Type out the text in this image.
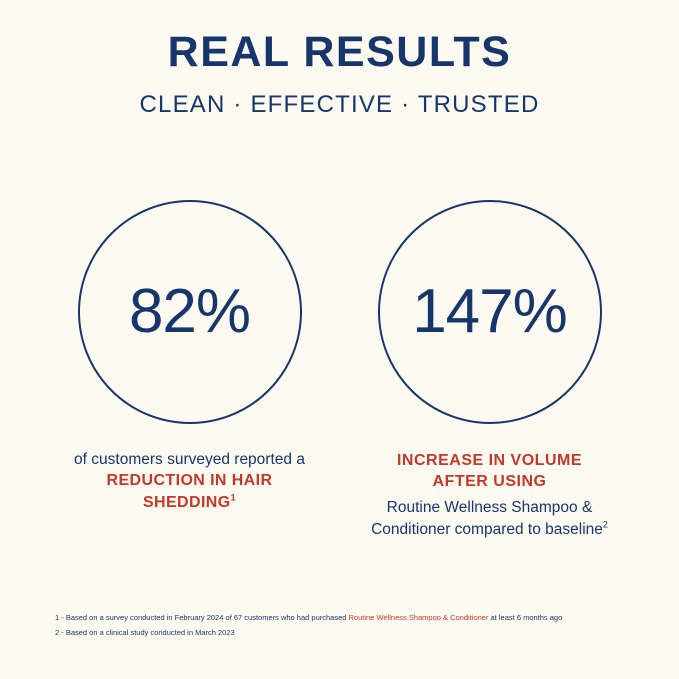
REAL RESULTS
CLEAN · EFFECTIVE · TRUSTED
82%
of customers surveyed reported a
REDUCTION IN HAIR
SHEDDING$^1$
147%
INCREASE IN VOLUME
AFTER USING
Routine Wellness Shampoo &
Conditioner compared to baseline$^2$
1 - Based on a survey conducted in February 2024 of 67 customers who had purchased Routine Wellness Shampoo & Conditioner at least 6 months ago
2 - Based on a clinical study conducted in March 2023
